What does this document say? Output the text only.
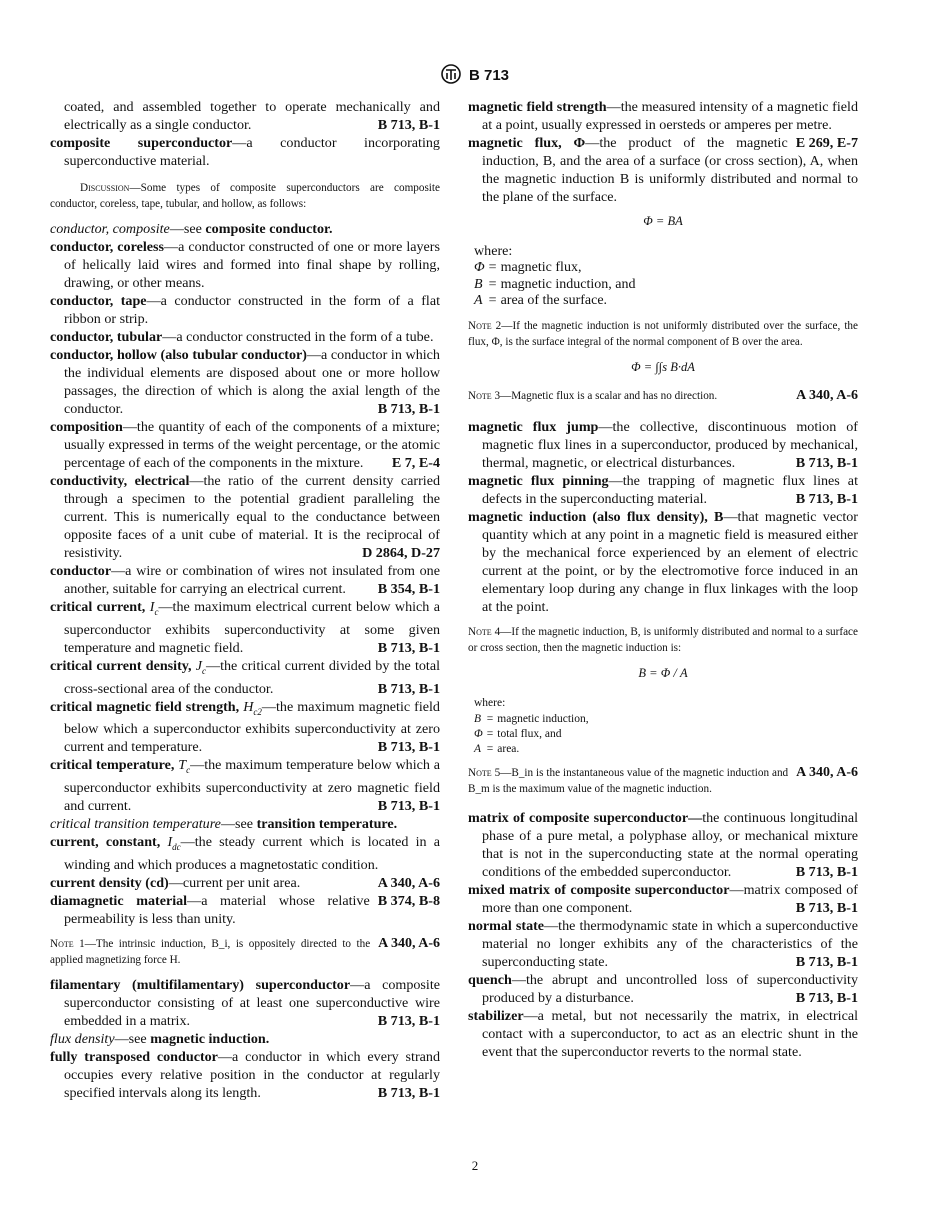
B 713

coated, and assembled together to operate mechanically and electrically as a single conductor.	B 713, B-1

composite superconductor—a conductor incorporating superconductive material.

Discussion—Some types of composite superconductors are composite conductor, coreless, tape, tubular, and hollow, as follows:

conductor, composite—see composite conductor.

conductor, coreless—a conductor constructed of one or more layers of helically laid wires and formed into final shape by rolling, drawing, or other means.

conductor, tape—a conductor constructed in the form of a flat ribbon or strip.

conductor, tubular—a conductor constructed in the form of a tube.

conductor, hollow (also tubular conductor)—a conductor in which the individual elements are disposed about one or more hollow passages, the direction of which is along the axial length of the conductor.	B 713, B-1

composition—the quantity of each of the components of a mixture; usually expressed in terms of the weight percentage, or the atomic percentage of each of the components in the mixture.	E 7, E-4

conductivity, electrical—the ratio of the current density carried through a specimen to the potential gradient paralleling the current. This is numerically equal to the conductance between opposite faces of a unit cube of material. It is the reciprocal of resistivity.	D 2864, D-27

conductor—a wire or combination of wires not insulated from one another, suitable for carrying an electrical current.	B 354, B-1

critical current, $I_c—the$ maximum electrical current below which a superconductor exhibits superconductivity at some given temperature and magnetic field.	B 713, B-1

critical current density, $J_c—the$ critical current divided by the total cross-sectional area of the conductor.	B 713, B-1

critical magnetic field strength, $H_{c2}—the$ maximum magnetic field below which a superconductor exhibits superconductivity at zero current and temperature.	B 713, B-1

critical temperature, $T_c—the$ maximum temperature below which a superconductor exhibits superconductivity at zero magnetic field and current.	B 713, B-1

critical transition temperature—see transition temperature.

current, constant, $I_{dc}—the$ steady current which is located in a winding and which produces a magnetostatic condition.
A 340, A-6

current density (cd)—current per unit area.
B 374, B-8

diamagnetic material—a material whose relative permeability is less than unity.

A 340, A-6
Note 1—The intrinsic induction, B_i, is oppositely directed to the applied magnetizing force H.

filamentary (multifilamentary) superconductor—a composite superconductor consisting of at least one superconductive wire embedded in a matrix.	B 713, B-1

flux density—see magnetic induction.

fully transposed conductor—a conductor in which every strand occupies every relative position in the conductor at regularly specified intervals along its length.	B 713, B-1

magnetic field strength—the measured intensity of a magnetic field at a point, usually expressed in oersteds or amperes per metre.
E 269, E-7

magnetic flux, Φ—the product of the magnetic induction, B, and the area of a surface (or cross section), A, when the magnetic induction B is uniformly distributed and normal to the plane of the surface.

Φ = BA
where:
Φ	=	magnetic flux,
B	=	magnetic induction, and
A	=	area of the surface.

Note 2—If the magnetic induction is not uniformly distributed over the surface, the flux, Φ, is the surface integral of the normal component of B over the area.

Φ = ∫∫s B·dA

A 340, A-6
Note 3—Magnetic flux is a scalar and has no direction.

magnetic flux jump—the collective, discontinuous motion of magnetic flux lines in a superconductor, produced by mechanical, thermal, magnetic, or electrical disturbances.	B 713, B-1

magnetic flux pinning—the trapping of magnetic flux lines at defects in the superconducting material.	B 713, B-1

magnetic induction (also flux density), B—that magnetic vector quantity which at any point in a magnetic field is measured either by the mechanical force experienced by an element of electric current at the point, or by the electromotive force induced in an elementary loop during any change in flux linkages with the loop at the point.

Note 4—If the magnetic induction, B, is uniformly distributed and normal to a surface or cross section, then the magnetic induction is:

B = Φ / A
where:
B	=	magnetic induction,
Φ	=	total flux, and
A	=	area.

A 340, A-6
Note 5—B_in is the instantaneous value of the magnetic induction and B_m is the maximum value of the magnetic induction.

matrix of composite superconductor—the continuous longitudinal phase of a pure metal, a polyphase alloy, or mechanical mixture that is not in the superconducting state at the normal operating conditions of the embedded superconductor.	B 713, B-1

mixed matrix of composite superconductor—matrix composed of more than one component.	B 713, B-1

normal state—the thermodynamic state in which a superconductive material no longer exhibits any of the characteristics of the superconducting state.	B 713, B-1

quench—the abrupt and uncontrolled loss of superconductivity produced by a disturbance.	B 713, B-1

stabilizer—a metal, but not necessarily the matrix, in electrical contact with a superconductor, to act as an electric shunt in the event that the superconductor reverts to the normal state.

2
